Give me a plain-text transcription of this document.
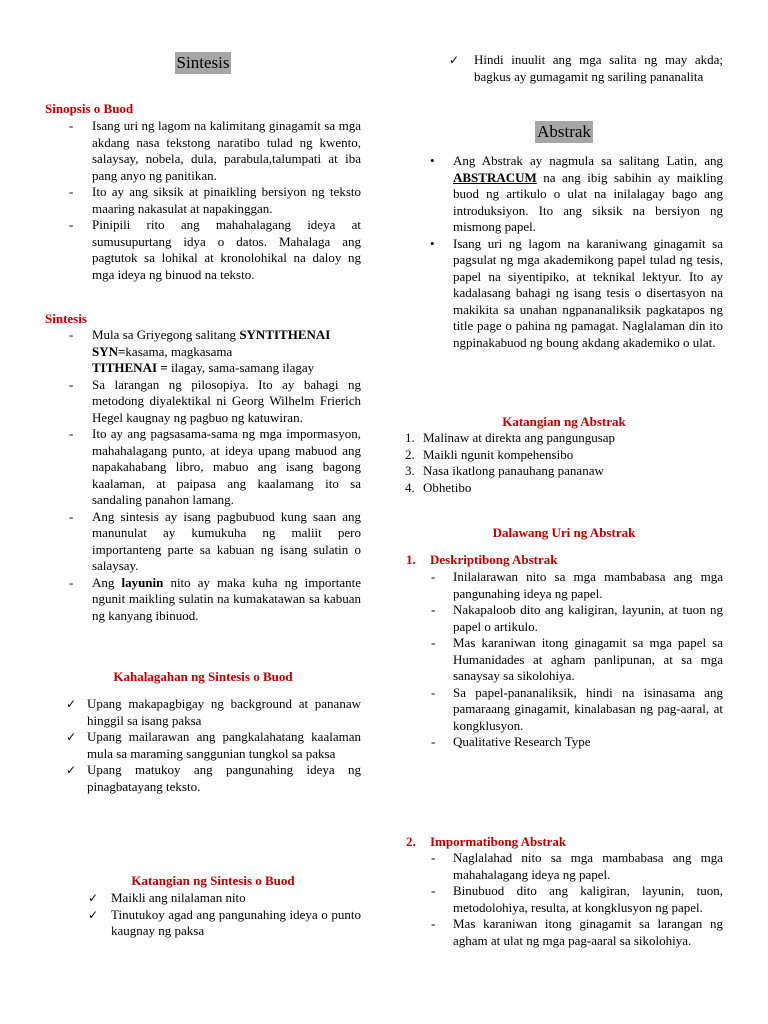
Sintesis
Sinopsis o Buod
- Isang uri ng lagom na kalimitang ginagamit sa mga akdang nasa tekstong naratibo tulad ng kwento, salaysay, nobela, dula, parabula,talumpati at iba pang anyo ng panitikan.
- Ito ay ang siksik at pinaikling bersiyon ng teksto maaring nakasulat at napakinggan.
- Pinipili rito ang mahahalagang ideya at sumusupurtang idya o datos. Mahalaga ang pagtutok sa lohikal at kronolohikal na daloy ng mga ideya ng binuod na teksto.
Sintesis
- Mula sa Griyegong salitang SYNTITHENAI
SYN=kasama, magkasama
TITHENAI = ilagay, sama-samang ilagay
- Sa larangan ng pilosopiya. Ito ay bahagi ng metodong diyalektikal ni Georg Wilhelm Frierich Hegel kaugnay ng pagbuo ng katuwiran.
- Ito ay ang pagsasama-sama ng mga impormasyon, mahahalagang punto, at ideya upang mabuod ang napakahabang libro, mabuo ang isang bagong kaalaman, at paipasa ang kaalamang ito sa sandaling panahon lamang.
- Ang sintesis ay isang pagbubuod kung saan ang manunulat ay kumukuha ng maliit pero importanteng parte sa kabuan ng isang sulatin o salaysay.
- Ang layunin nito ay maka kuha ng importante ngunit maikling sulatin na kumakatawan sa kabuan ng kanyang ibinuod.
Kahalagahan ng Sintesis o Buod
✓ Upang makapagbigay ng background at pananaw hinggil sa isang paksa
✓ Upang mailarawan ang pangkalahatang kaalaman mula sa maraming sanggunian tungkol sa paksa
✓ Upang matukoy ang pangunahing ideya ng pinagbatayang teksto.
Katangian ng Sintesis o Buod
✓ Maikli ang nilalaman nito
✓ Tinutukoy agad ang pangunahing ideya o punto kaugnay ng paksa
✓ Hindi inuulit ang mga salita ng may akda; bagkus ay gumagamit ng sariling pananalita
Abstrak
• Ang Abstrak ay nagmula sa salitang Latin, ang ABSTRACUM na ang ibig sabihin ay maikling buod ng artikulo o ulat na inilalagay bago ang introduksiyon. Ito ang siksik na bersiyon ng mismong papel.
• Isang uri ng lagom na karaniwang ginagamit sa pagsulat ng mga akademikong papel tulad ng tesis, papel na siyentipiko, at teknikal lektyur. Ito ay kadalasang bahagi ng isang tesis o disertasyon na makikita sa unahan ngpananaliksik pagkatapos ng title page o pahina ng pamagat. Naglalaman din ito ngpinakabuod ng boung akdang akademiko o ulat.
Katangian ng Abstrak
1. Malinaw at direkta ang pangungusap
2. Maikli ngunit kompehensibo
3. Nasa ikatlong panauhang pananaw
4. Obhetibo
Dalawang Uri ng Abstrak
1. Deskriptibong Abstrak
- Inilalarawan nito sa mga mambabasa ang mga pangunahing ideya ng papel.
- Nakapaloob dito ang kaligiran, layunin, at tuon ng papel o artikulo.
- Mas karaniwan itong ginagamit sa mga papel sa Humanidades at agham panlipunan, at sa mga sanaysay sa sikolohiya.
- Sa papel-pananaliksik, hindi na isinasama ang pamaraang ginagamit, kinalabasan ng pag-aaral, at kongklusyon.
- Qualitative Research Type
2. Impormatibong Abstrak
- Naglalahad nito sa mga mambabasa ang mga mahahalagang ideya ng papel.
- Binubuod dito ang kaligiran, layunin, tuon, metodolohiya, resulta, at kongklusyon ng papel.
- Mas karaniwan itong ginagamit sa larangan ng agham at ulat ng mga pag-aaral sa sikolohiya.
